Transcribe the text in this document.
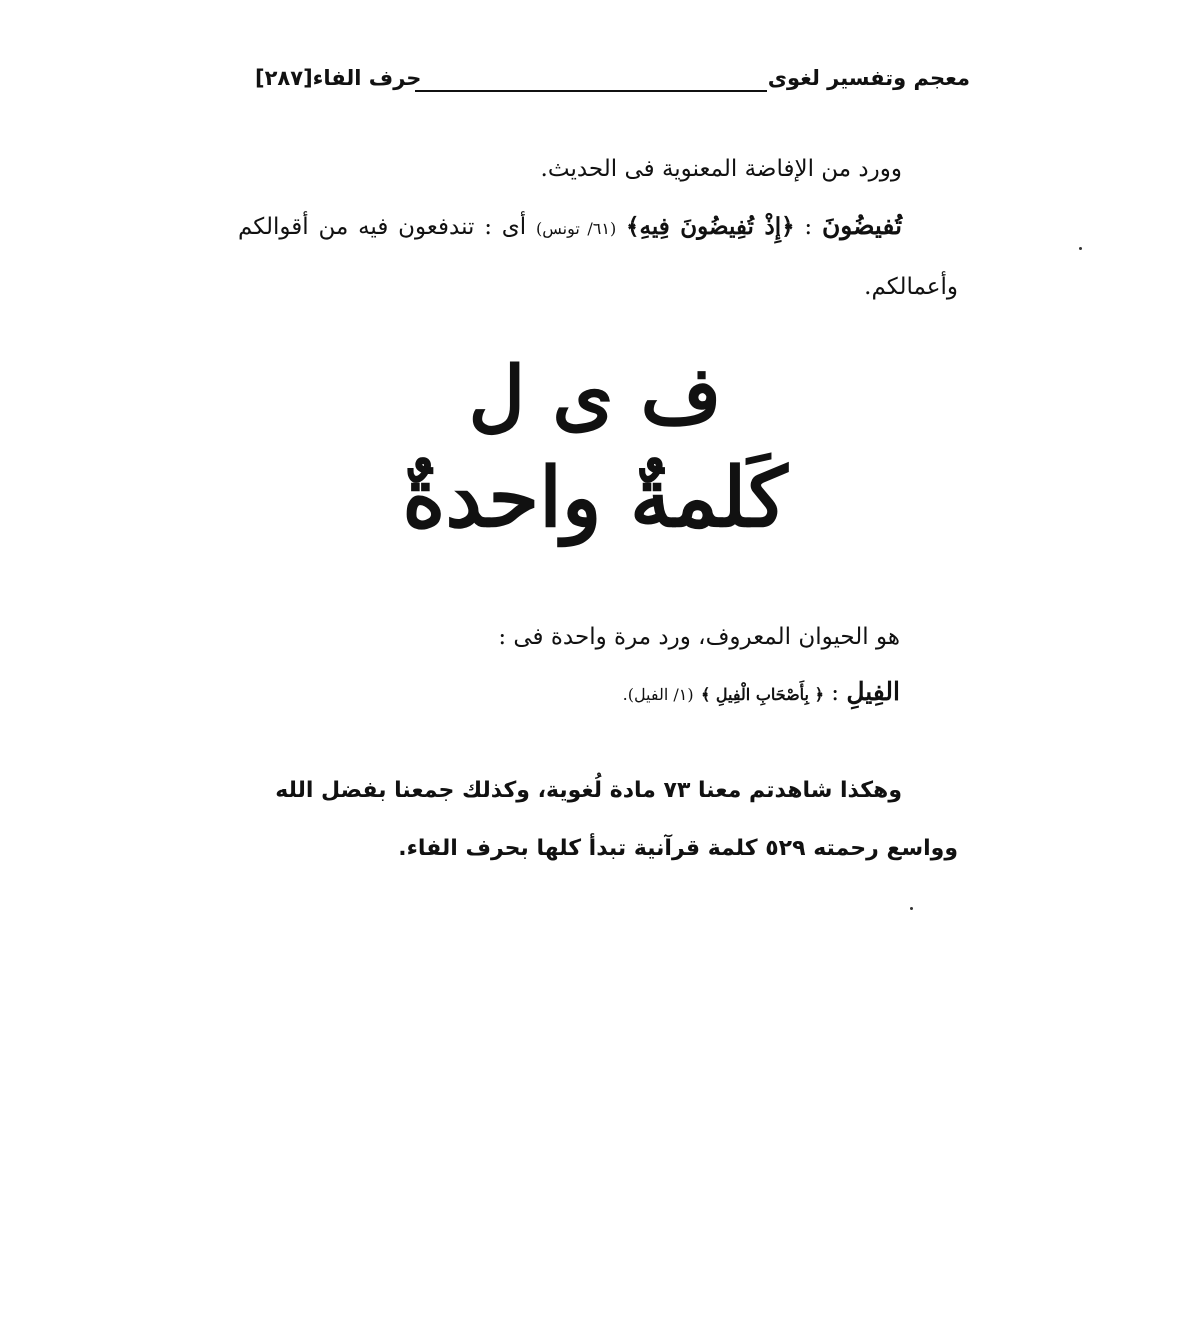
معجم وتفسير لغوى
حرف الفاء[٢٨٧]
وورد من الإفاضة المعنوية فى الحديث.
تُفيضُونَ : ﴿إِذْ تُفِيضُونَ فِيهِ﴾ (٦١/ تونس) أى : تندفعون فيه من أقوالكم وأعمالكم.
ف ى ل
كَلمةٌ واحدةٌ
هو الحيوان المعروف، ورد مرة واحدة فى :
الفِيلِ : ﴿ بِأَصْحَابِ الْفِيلِ ﴾ (١/ الفيل).
وهكذا شاهدتم معنا ٧٣ مادة لُغوية، وكذلك جمعنا بفضل الله
وواسع رحمته ٥٢٩ كلمة قرآنية تبدأ كلها بحرف الفاء.
